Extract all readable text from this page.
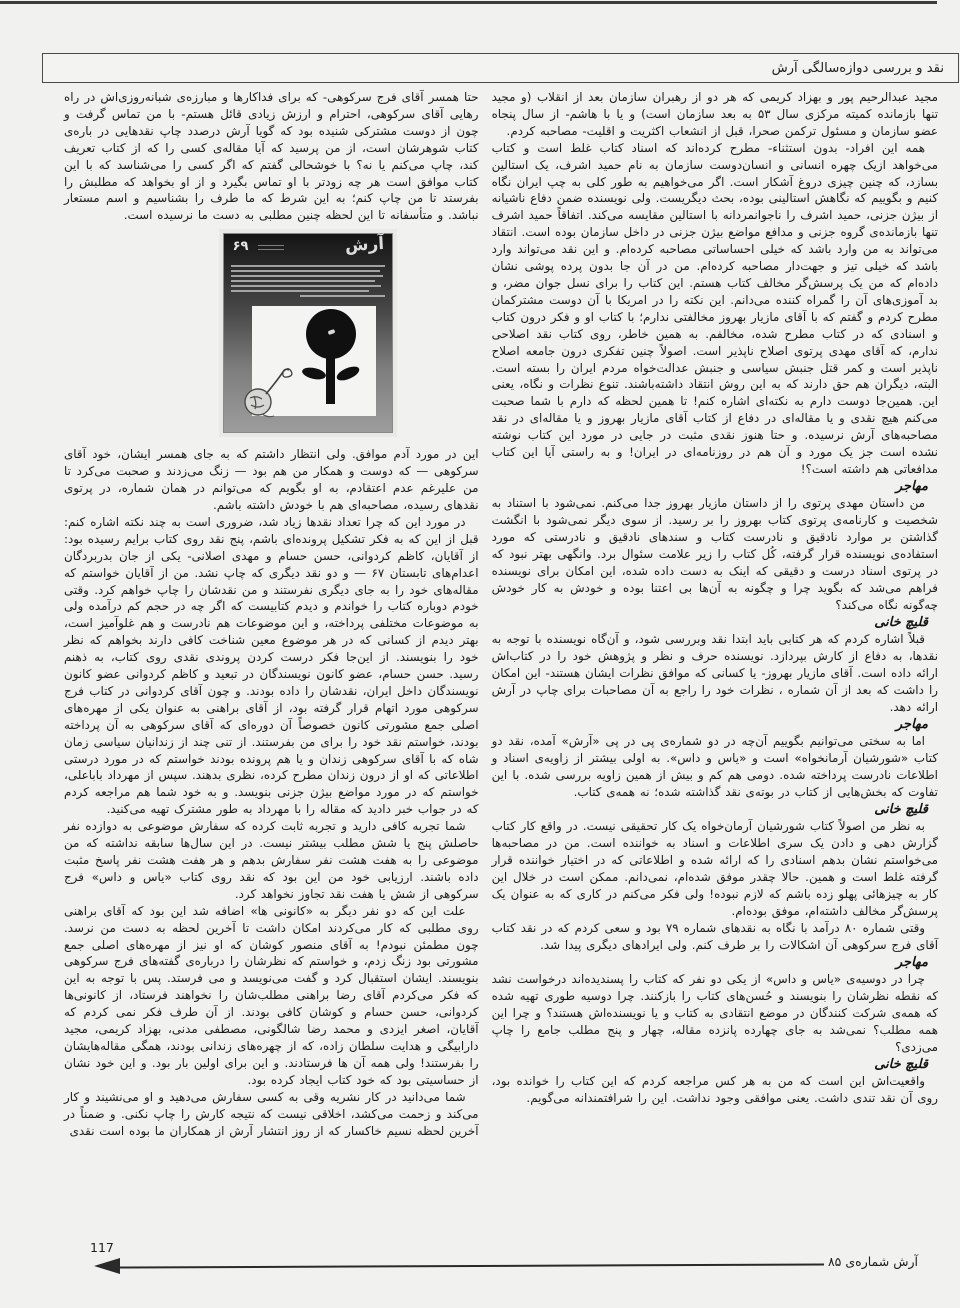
نقد و بررسی دوازه‌سالگی آرش

مجید عبدالرحیم پور و بهزاد کریمی که هر دو از رهبران سازمان بعد از انقلاب (و مجید تنها بازمانده کمیته مرکزی سال ۵۳ به بعد سازمان است) و یا با هاشم- از سال پنجاه عضو سازمان و مسئول ترکمن صحرا، قبل از انشعاب اکثریت و اقلیت- مصاحبه کردم.

همه این افراد- بدون استثناء- مطرح کرده‌اند که اسناد کتاب غلط است و کتاب می‌خواهد ازیک چهره انسانی و انسان‌دوست سازمان به نام حمید اشرف، یک استالین بسازد، که چنین چیزی دروغ آشکار است. اگر می‌خواهیم به طور کلی به چپ ایران نگاه کنیم و بگوییم که نگاهش استالینی بوده، بحث دیگریست. ولی نویسنده ضمن دفاع ناشیانه از بیژن جزنی، حمید اشرف را ناجوانمردانه با استالین مقایسه می‌کند. اتفاقاً حمید اشرف تنها بازمانده‌ی گروه جزنی و مدافع مواضع بیژن جزنی در داخل سازمان بوده است. انتقاد می‌تواند به من وارد باشد که خیلی احساساتی مصاحبه کرده‌ام. و این نقد می‌تواند وارد باشد که خیلی تیز و جهت‌دار مصاحبه کرده‌ام. من در آن جا بدون پرده پوشی نشان داده‌ام که من یک پرسش‌گر مخالف کتاب هستم. این کتاب را برای نسل جوان مضر، و بد آموزی‌های آن را گمراه کننده می‌دانم. این نکته را در امریکا با آن دوست مشترکمان مطرح کردم و گفتم که با آقای مازیار بهروز مخالفتی ندارم؛ با کتاب او و فکر درون کتاب و اسنادی که در کتاب مطرح شده، مخالفم. به همین خاطر، روی کتاب نقد اصلاحی ندارم، که آقای مهدی پرتوی اصلاح ناپذیر است. اصولاً چنین تفکری درون جامعه اصلاح ناپذیر است و کمر قتل جنبش سیاسی و جنبش عدالت‌خواه مردم ایران را بسته است. البته، دیگران هم حق دارند که به این روش انتقاد داشته‌باشند. تنوع نظرات و نگاه، یعنی این. همین‌جا دوست دارم به نکته‌ای اشاره کنم! تا همین لحظه که دارم با شما صحبت می‌کنم هیچ نقدی و یا مقاله‌ای در دفاع از کتاب آقای مازیار بهروز و یا مقاله‌ای در نقد مصاحبه‌های آرش نرسیده. و حتا هنوز نقدی مثبت در جایی در مورد این کتاب نوشته نشده است جز یک مورد و آن هم در روزنامه‌ای در ایران! و به راستی آیا این کتاب مدافعاتی هم داشته است؟!

مهاجر

من داستان مهدی پرتوی را از داستان مازیار بهروز جدا می‌کنم. نمی‌شود با استناد به شخصیت و کارنامه‌ی پرتوی کتاب بهروز را بر رسید. از سوی دیگر نمی‌شود با انگشت گذاشتن بر موارد نادقیق و نادرست کتاب و سندهای نادقیق و نادرستی که مورد استفاده‌ی نویسنده قرار گرفته، کُل کتاب را زیر علامت سئوال برد. وانگهی بهتر نبود که در پرتوی اسناد درست و دقیقی که اینک به دست داده شده، این امکان برای نویسنده فراهم می‌شد که بگوید چرا و چگونه به آن‌ها بی اعتنا بوده و خودش به کار خودش چه‌گونه نگاه می‌کند؟

قلیچ خانی

قبلاً اشاره کردم که هر کتابی باید ابتدا نقد وبررسی شود، و آن‌گاه نویسنده با توجه به نقدها، به دفاع از کارش بپردازد. نویسنده حرف و نظر و پژوهش خود را در کتاب‌اش ارائه داده است. آقای مازیار بهروز- یا کسانی که موافق نظرات ایشان هستند- این امکان را داشت که بعد از آن شماره ، نظرات خود را راجع به آن مصاحبات برای چاپ در آرش ارائه دهد.

مهاجر

اما به سختی می‌توانیم بگوییم آن‌چه در دو شماره‌ی پی در پی «آرش» آمده، نقد دو کتاب «شورشیان آرمانخواه» است و «یاس و داس». به اولی بیشتر از زاویه‌ی اسناد و اطلاعات نادرست پرداخته شده. دومی هم کم و بیش از همین زاویه بررسی شده. با این تفاوت که بخش‌هایی از کتاب در بوته‌ی نقد گذاشته شده؛ نه همه‌ی کتاب.

قلیچ خانی

به نظر من اصولاً کتاب شورشیان آرمان‌خواه یک کار تحقیقی نیست. در واقع کار کتاب گزارش دهی و دادن یک سری اطلاعات و اسناد به خواننده است. من در مصاحبه‌ها می‌خواستم نشان بدهم اسنادی را که ارائه شده و اطلاعاتی که در اختیار خواننده قرار گرفته غلط است و همین. حالا چقدر موفق شده‌ام، نمی‌دانم. ممکن است در خلال این کار به چیزهائی پهلو زده باشم که لازم نبوده! ولی فکر می‌کنم در کاری که به عنوان یک پرسش‌گر مخالف داشته‌ام، موفق بوده‌ام.

وقتی شماره ۸۰ درآمد با نگاه به نقدهای شماره ۷۹ بود و سعی کردم که در نقد کتاب آقای فرج سرکوهی آن اشکالات را بر طرف کنم. ولی ایرادهای دیگری پیدا شد.

مهاجر

چرا در دوسیه‌ی «یاس و داس» از یکی دو نفر که کتاب را پسندیده‌اند درخواست نشد که نقطه نظرشان را بنویسند و حُسن‌های کتاب را بازکنند. چرا دوسیه طوری تهیه شده که همه‌ی شرکت کنندگان در موضع انتقادی به کتاب و یا نویسنده‌اش هستند؟ و چرا این همه مطلب؟ نمی‌شد به جای چهارده پانزده مقاله، چهار و پنج مطلب جامع را چاپ می‌زدی؟

قلیچ خانی

واقعیت‌اش این است که من به هر کس مراجعه کردم که این کتاب را خوانده بود، روی آن نقد تندی داشت. یعنی موافقی وجود نداشت. این را شرافتمندانه می‌گویم.

حتا همسر آقای فرج سرکوهی- که برای فداکارها و مبارزه‌ی شبانه‌روزی‌اش در راه رهایی آقای سرکوهی، احترام و ارزش زیادی قائل هستم- با من تماس گرفت و چون از دوست مشترکی شنیده بود که گویا آرش درصدد چاپ نقدهایی در باره‌ی کتاب شوهرشان است، از من پرسید که آیا مقاله‌ی کسی را که از کتاب تعریف کند، چاپ می‌کنم یا نه؟ با خوشحالی گفتم که اگر کسی را می‌شناسد که با این کتاب موافق است هر چه زودتر با او تماس بگیرد و از او بخواهد که مطلبش را بفرستد تا من چاپ کنم؛ به این شرط که ما طرف را بشناسیم و اسم مستعار نباشد. و متأسفانه تا این لحظه چنین مطلبی به دست ما نرسیده است.

۶۹	آرش

این در مورد آدم موافق. ولی انتظار داشتم که به جای همسر ایشان، خود آقای سرکوهی — که دوست و همکار من هم بود — زنگ می‌زدند و صحبت می‌کرد تا من علیرغم عدم اعتقادم، به او بگویم که می‌توانم در همان شماره، در پرتوی نقدهای رسیده، مصاحبه‌ای هم با خودش داشته باشم.

در مورد این که چرا تعداد نقدها زیاد شد، ضروری است به چند نکته اشاره کنم: قبل از این که به فکر تشکیل پرونده‌ای باشم، پنج نقد روی کتاب برایم رسیده بود: از آقایان، کاظم کردوانی، حسن حسام و مهدی اصلانی- یکی از جان بدربردگان اعدام‌های تابستان ۶۷ — و دو نقد دیگری که چاپ نشد. من از آقایان خواستم که مقاله‌های خود را به جای دیگری نفرستند و من نقدشان را چاپ خواهم کرد. وقتی خودم دوباره کتاب را خواندم و دیدم کتابیست که اگر چه در حجم کم درآمده ولی به موضوعات مختلفی پرداخته، و این موضوعات هم نادرست و هم غلوآمیز است، بهتر دیدم از کسانی که در هر موضوع معین شناخت کافی دارند بخواهم که نظر خود را بنویسند. از این‌جا فکر درست کردن پروندی نقدی روی کتاب، به ذهنم رسید. حسن حسام، عضو کانون نویسندگان در تبعید و کاظم کردوانی عضو کانون نویسندگان داخل ایران، نقدشان را داده بودند. و چون آقای کردوانی در کتاب فرج سرکوهی مورد اتهام قرار گرفته بود، از آقای براهنی به عنوان یکی از مهره‌های اصلی جمع مشورتی کانون خصوصاً آن دوره‌ای که آقای سرکوهی به آن پرداخته بودند، خواستم نقد خود را برای من بفرستند. از تنی چند از زندانیان سیاسی زمان شاه که با آقای سرکوهی زندان و یا هم پرونده بودند خواستم که در مورد درستی اطلاعاتی که او از درون زندان مطرح کرده، نظری بدهند. سپس از مهرداد باباعلی، خواستم که در مورد مواضع بیژن جزنی بنویسد. و به خود شما هم مراجعه کردم که در جواب خبر دادید که مقاله را با مهرداد به طور مشترک تهیه می‌کنید.

شما تجربه کافی دارید و تجربه ثابت کرده که سفارش موضوعی به دوازده نفر حاصلش پنج یا شش مطلب بیشتر نیست. در این سال‌ها سابقه نداشته که من موضوعی را به هفت هشت نفر سفارش بدهم و هر هفت هشت نفر پاسخ مثبت داده باشند. ارزیابی خود من این بود که نقد روی کتاب «یاس و داس» فرج سرکوهی از شش یا هفت نقد تجاوز نخواهد کرد.

علت این که دو نفر دیگر به «کانونی ها» اضافه شد این بود که آقای براهنی روی مطلبی که کار می‌کردند امکان داشت تا آخرین لحظه به دست من نرسد. چون مطمئن نبودم! به آقای منصور کوشان که او نیز از مهره‌های اصلی جمع مشورتی بود زنگ زدم، و خواستم که نظرشان را درباره‌ی گفته‌های فرج سرکوهی بنویسند. ایشان استقبال کرد و گفت می‌نویسد و می فرستد. پس با توجه به این که فکر می‌کردم آقای رضا براهنی مطلب‌شان را نخواهند فرستاد، از کانونی‌ها کردوانی، حسن حسام و کوشان کافی بودند. از آن طرف فکر نمی کردم که آقایان، اصغر ایزدی و محمد رضا شالگونی، مصطفی مدنی، بهزاد کریمی، مجید دارابیگی و هدایت سلطان زاده، که از چهره‌های زندانی بودند، همگی مقاله‌هایشان را بفرستند! ولی همه آن ها فرستادند. و این برای اولین بار بود. و این خود نشان از حساسیتی بود که خود کتاب ایجاد کرده بود.

شما می‌دانید در کار نشریه وقی به کسی سفارش می‌دهید و او می‌نشیند و کار می‌کند و زحمت می‌کشد، اخلاقی نیست که نتیجه کارش را چاپ نکنی. و ضمناً در آخرین لحظه نسیم خاکسار که از روز انتشار آرش از همکاران ما بوده است نقدی

117
آرش شماره‌ی ۸۵
